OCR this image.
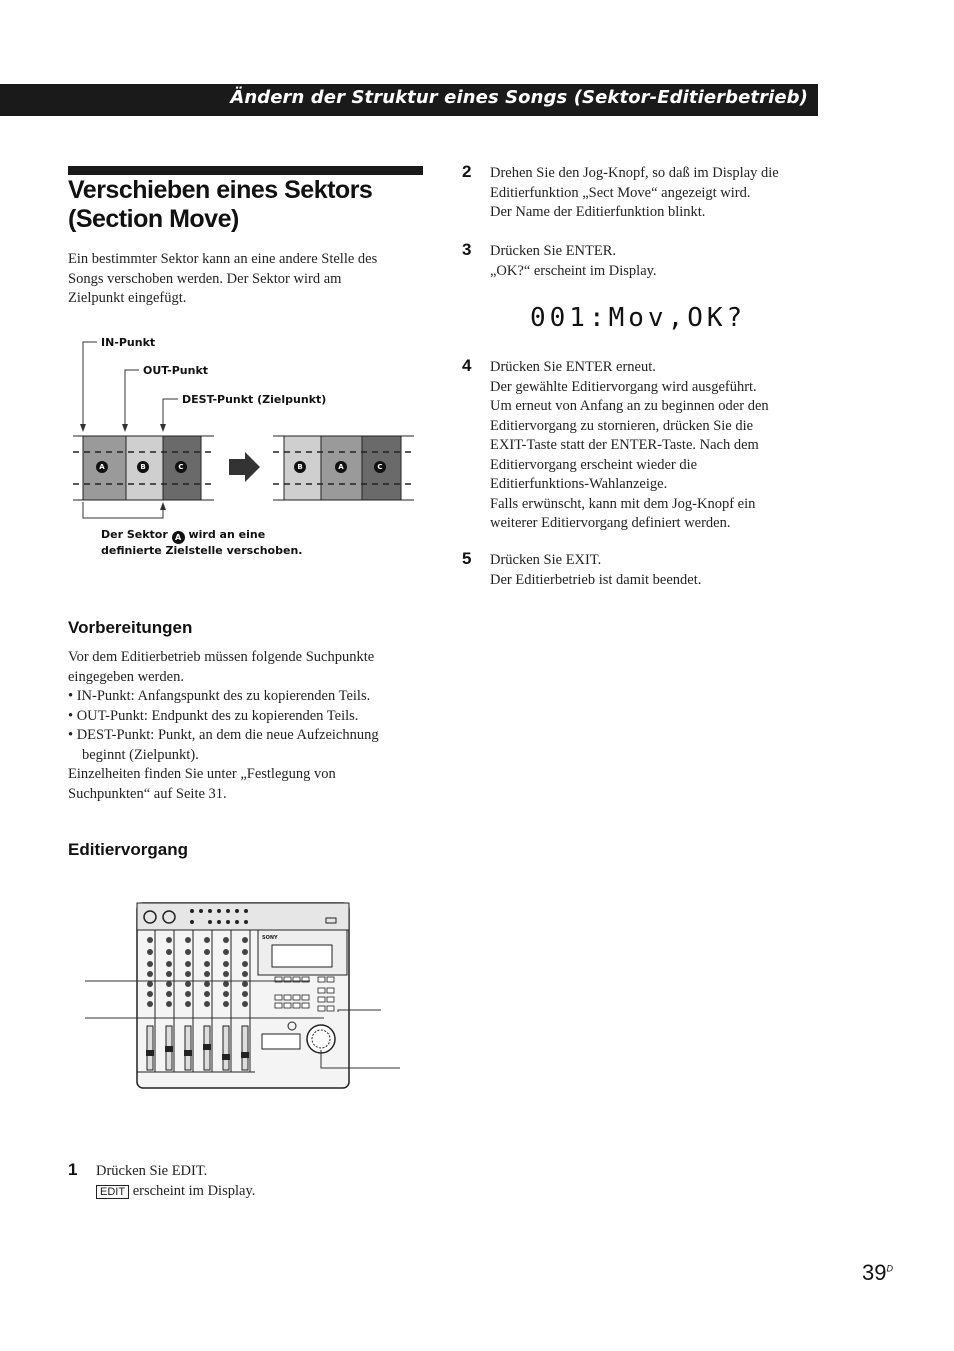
Ändern der Struktur eines Songs (Sektor-Editierbetrieb)
Verschieben eines Sektors
(Section Move)
Ein bestimmter Sektor kann an eine andere Stelle des
Songs verschoben werden. Der Sektor wird am
Zielpunkt eingefügt.
IN-Punkt
OUT-Punkt
DEST-Punkt (Zielpunkt)
A	B	C	B	A	C
Der Sektor A wird an eine
definierte Zielstelle verschoben.
Vorbereitungen
Vor dem Editierbetrieb müssen folgende Suchpunkte
eingegeben werden.
• IN-Punkt: Anfangspunkt des zu kopierenden Teils.
• OUT-Punkt: Endpunkt des zu kopierenden Teils.
• DEST-Punkt: Punkt, an dem die neue Aufzeichnung
beginnt (Zielpunkt).
Einzelheiten finden Sie unter „Festlegung von
Suchpunkten“ auf Seite 31.
Editiervorgang
SONY
1 Drücken Sie EDIT.
EDIT erscheint im Display.
2 Drehen Sie den Jog-Knopf, so daß im Display die
Editierfunktion „Sect Move“ angezeigt wird.
Der Name der Editierfunktion blinkt.
3 Drücken Sie ENTER.
„OK?“ erscheint im Display.
001:Mov,OK?
4 Drücken Sie ENTER erneut.
Der gewählte Editiervorgang wird ausgeführt.
Um erneut von Anfang an zu beginnen oder den
Editiervorgang zu stornieren, drücken Sie die
EXIT-Taste statt der ENTER-Taste. Nach dem
Editiervorgang erscheint wieder die
Editierfunktions-Wahlanzeige.
Falls erwünscht, kann mit dem Jog-Knopf ein
weiterer Editiervorgang definiert werden.
5 Drücken Sie EXIT.
Der Editierbetrieb ist damit beendet.
$39^D$
